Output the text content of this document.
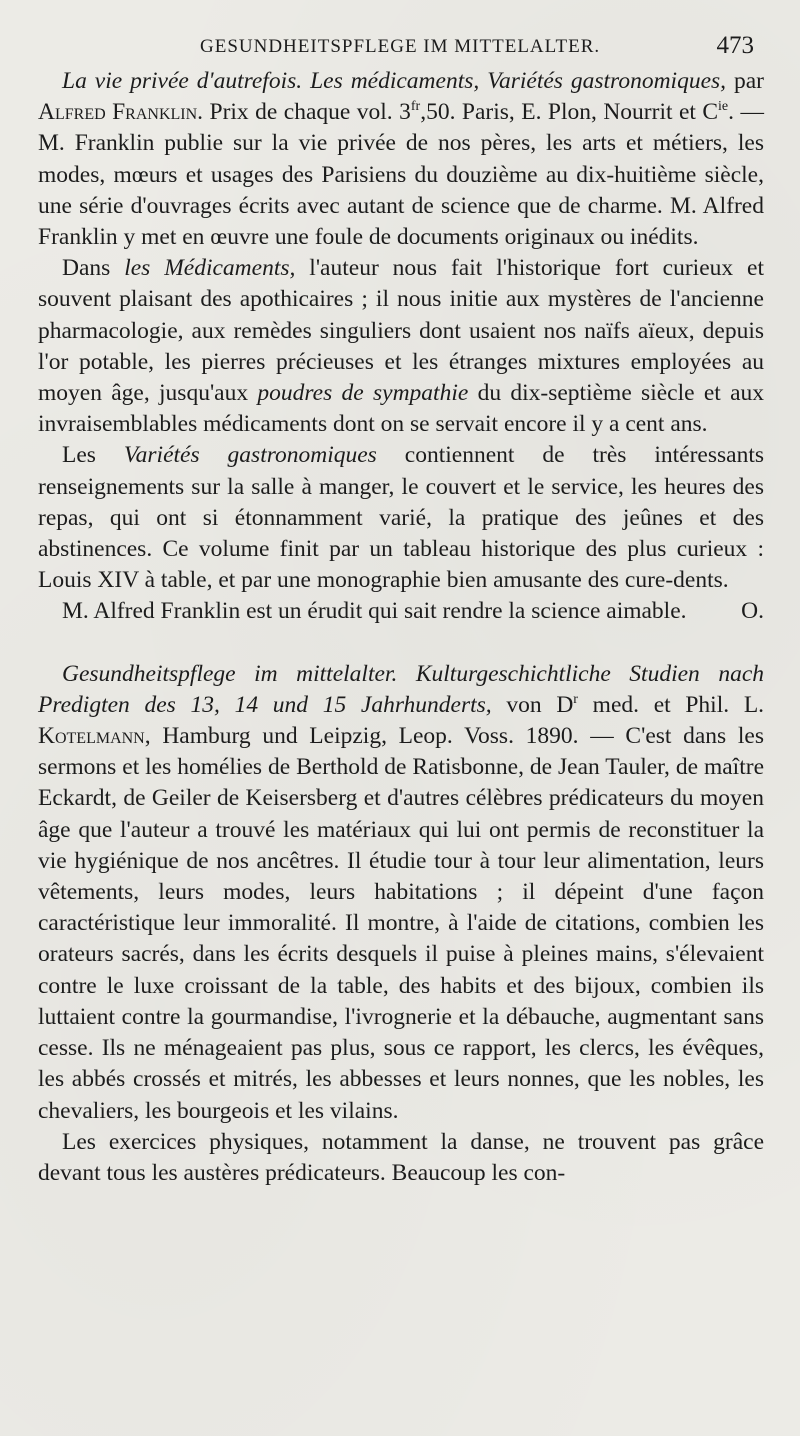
GESUNDHEITSPFLEGE IM MITTELALTER.	473

La vie privée d'autrefois. Les médicaments, Variétés gastronomiques, par Alfred Franklin. Prix de chaque vol. $3^{fr},50$. Paris, E. Plon, Nourrit et $C^{ie}$. — M. Franklin publie sur la vie privée de nos pères, les arts et métiers, les modes, mœurs et usages des Parisiens du douzième au dix-huitième siècle, une série d'ouvrages écrits avec autant de science que de charme. M. Alfred Franklin y met en œuvre une foule de documents originaux ou inédits.

Dans les Médicaments, l'auteur nous fait l'historique fort curieux et souvent plaisant des apothicaires ; il nous initie aux mystères de l'ancienne pharmacologie, aux remèdes singuliers dont usaient nos naïfs aïeux, depuis l'or potable, les pierres précieuses et les étranges mixtures employées au moyen âge, jusqu'aux poudres de sympathie du dix-septième siècle et aux invraisemblables médicaments dont on se servait encore il y a cent ans.

Les Variétés gastronomiques contiennent de très intéressants renseignements sur la salle à manger, le couvert et le service, les heures des repas, qui ont si étonnamment varié, la pratique des jeûnes et des abstinences. Ce volume finit par un tableau historique des plus curieux : Louis XIV à table, et par une monographie bien amusante des cure-dents.

M. Alfred Franklin est un érudit qui sait rendre la science aimable.	O.

Gesundheitspflege im mittelalter. Kulturgeschichtliche Studien nach Predigten des 13, 14 und 15 Jahrhunderts, von $D^r$ med. et Phil. L. Kotelmann, Hamburg und Leipzig, Leop. Voss. 1890. — C'est dans les sermons et les homélies de Berthold de Ratisbonne, de Jean Tauler, de maître Eckardt, de Geiler de Keisersberg et d'autres célèbres prédicateurs du moyen âge que l'auteur a trouvé les matériaux qui lui ont permis de reconstituer la vie hygiénique de nos ancêtres. Il étudie tour à tour leur alimentation, leurs vêtements, leurs modes, leurs habitations ; il dépeint d'une façon caractéristique leur immoralité. Il montre, à l'aide de citations, combien les orateurs sacrés, dans les écrits desquels il puise à pleines mains, s'élevaient contre le luxe croissant de la table, des habits et des bijoux, combien ils luttaient contre la gourmandise, l'ivrognerie et la débauche, augmentant sans cesse. Ils ne ménageaient pas plus, sous ce rapport, les clercs, les évêques, les abbés crossés et mitrés, les abbesses et leurs nonnes, que les nobles, les chevaliers, les bourgeois et les vilains.

Les exercices physiques, notamment la danse, ne trouvent pas grâce devant tous les austères prédicateurs. Beaucoup les con-
